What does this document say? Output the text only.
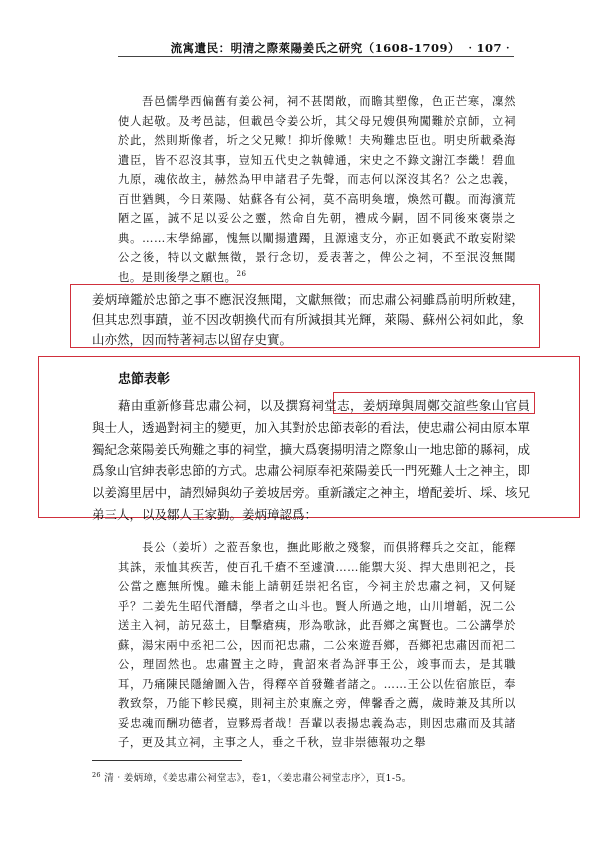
流寓遺民：明清之際萊陽姜氏之研究（1608-1709） ‧107‧

吾邑儒學西偏舊有姜公祠，祠不甚閎敞，而瞻其塑像，色正芒寒，凜然使人起敬。及考邑誌，但載邑令姜公圻，其父母兄嫂俱殉闖難於京師，立祠於此，然則斯像者，圻之父兄歟！抑圻像歟！夫殉難忠臣也。明史所載桑海遺臣，皆不忍沒其事，豈知五代史之執韓通，宋史之不錄文謝江李畿！碧血九原，魂依故主，赫然為甲申諸君子先聲，而志何以深沒其名？公之忠義，百世猶興，今日萊陽、姑蘇各有公祠，莫不高明奐壇，煥然可觀。而海濱荒陋之區，誠不足以妥公之靈，然命自先朝，禮成今嗣，固不同後來褒崇之典。……末學綿鄙，愧無以闡揚遺躅，且源遠支分，亦正如裛武不敢妄附梁公之後，特以文獻無徵，景行念切，爰表著之，俾公之祠，不至泯沒無聞也。是則後學之願也。$^{26}$

姜炳璋鑑於忠節之事不應泯沒無聞，文獻無徵；而忠肅公祠雖爲前明所敕建，但其忠烈事蹟，並不因改朝換代而有所減損其光輝，萊陽、蘇州公祠如此，象山亦然，因而特著祠志以留存史實。
忠節表彰

藉由重新修葺忠肅公祠，以及撰寫祠堂志，姜炳璋與周鄭交誼些象山官員與士人，透過對祠主的變更，加入其對於忠節表彰的看法，使忠肅公祠由原本單獨紀念萊陽姜氏殉難之事的祠堂，擴大爲褒揚明清之際象山一地忠節的縣祠，成爲象山官紳表彰忠節的方式。忠肅公祠原奉祀萊陽姜氏一門死難人士之神主，即以姜瀉里居中，請烈婦與幼子姜坡居旁。重新議定之神主，增配姜圻、埰、垓兄弟三人，以及鄒人王家勤。姜炳璋認爲：

長公（姜圻）之蒞吾象也，撫此彫敝之殘黎，而俱將釋兵之交訌，能釋其誅，汞恤其疾苦，使百孔千瘡不至遽潰……能禦大災、捍大患則祀之，長公當之應無所愧。雖未能上請朝廷崇祀名宦，今祠主於忠肅之祠，又何疑乎？二姜先生昭代潛醻，學者之山斗也。賢人所過之地，山川增韜，況二公送主入祠，訪兄茲土，目擊瘡痍，形為歌詠，此吾鄉之寓賢也。二公講學於蘇，湯宋兩中丞祀二公，因而祀忠肅，二公來遊吾鄉，吾鄉祀忠肅因而祀二公，理固然也。忠肅置主之時，貴詔來者為評事王公，竣事而去，是其職耳，乃痛陳民隱繪圖入告，得釋卒首發難者諸之。……王公以佐宿旅臣，奉教致祭，乃能下軫民瘼，則祠主於東廡之旁，俾馨香之薦，歲時兼及其所以妥忠魂而酬功德者，豈夥焉者哉！吾輩以表揚忠義為志，則因忠肅而及其諸子，更及其立祠，主事之人，垂之千秋，豈非崇德報功之舉

$^{26}$ 清‧姜炳璋，《姜忠肅公祠堂志》，卷1，〈姜忠肅公祠堂志序〉，頁1-5。
